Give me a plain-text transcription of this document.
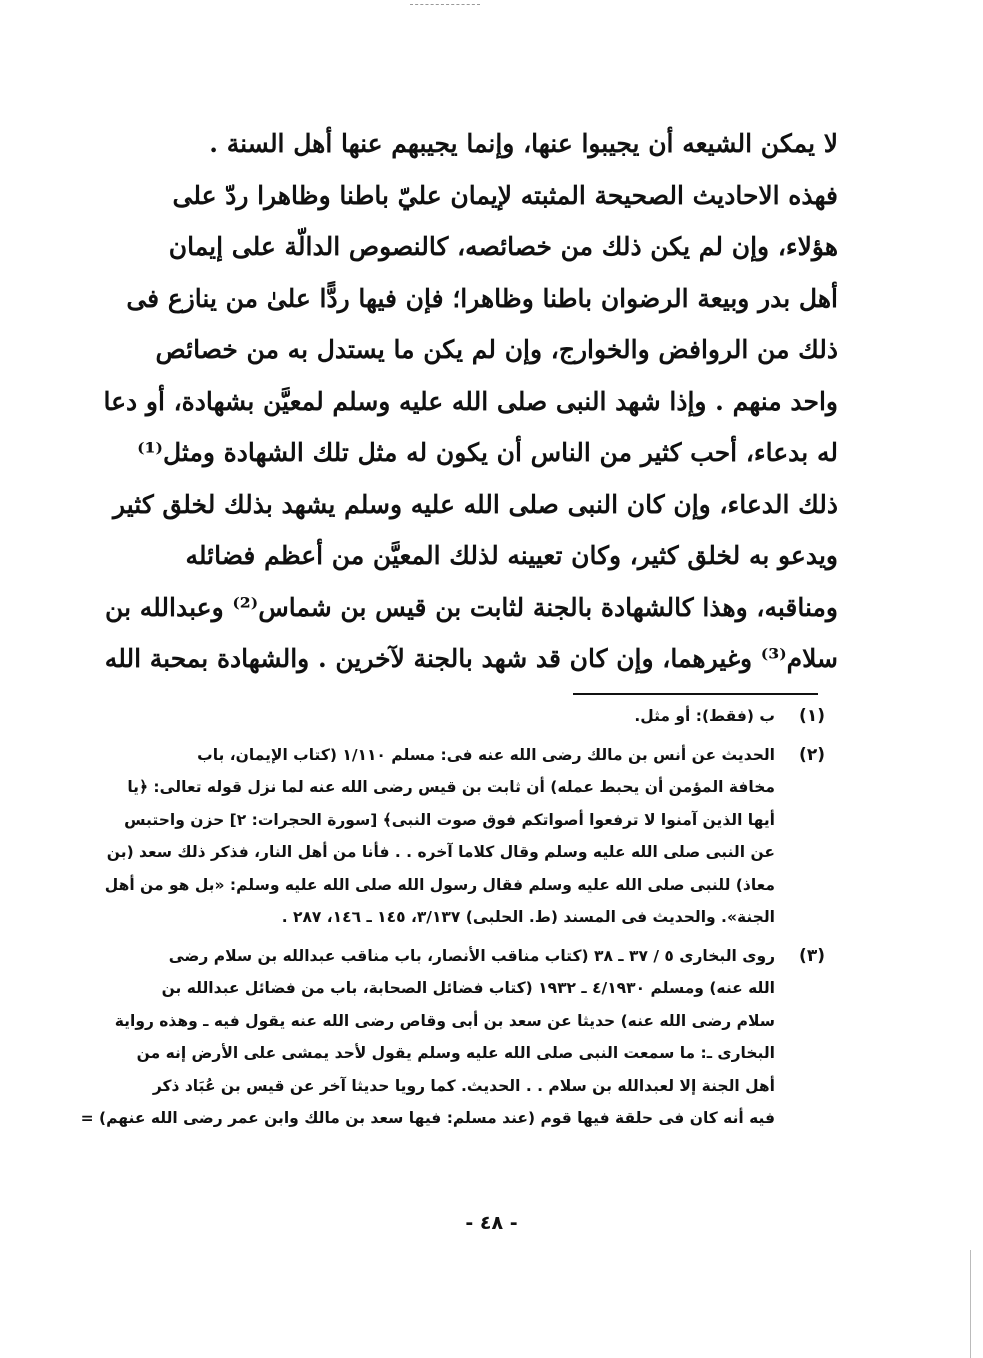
لا يمكن الشيعه أن يجيبوا عنها، وإنما يجيبهم عنها أهل السنة .
فهذه الاحاديث الصحيحة المثبته لإيمان عليّ باطنا وظاهرا ردّ على
هؤلاء، وإن لم يكن ذلك من خصائصه، كالنصوص الدالّة على إيمان
أهل بدر وبيعة الرضوان باطنا وظاهرا؛ فإن فيها ردًّا علىٰ من ينازع فى
ذلك من الروافض والخوارج، وإن لم يكن ما يستدل به من خصائص
واحد منهم . وإذا شهد النبى صلى الله عليه وسلم لمعيَّن بشهادة، أو دعا
له بدعاء، أحب كثير من الناس أن يكون له مثل تلك الشهادة ومثل⁽¹⁾
ذلك الدعاء، وإن كان النبى صلى الله عليه وسلم يشهد بذلك لخلق كثير
ويدعو به لخلق كثير، وكان تعيينه لذلك المعيَّن من أعظم فضائله
ومناقبه، وهذا كالشهادة بالجنة لثابت بن قيس بن شماس⁽²⁾ وعبدالله بن
سلام⁽³⁾ وغيرهما، وإن كان قد شهد بالجنة لآخرين . والشهادة بمحبة الله
(١)
ب (فقط): أو مثل.
(٢)
الحديث عن أنس بن مالك رضى الله عنه فى: مسلم ١/١١٠ (كتاب الإيمان، باب
مخافة المؤمن أن يحبط عمله) أن ثابت بن قيس رضى الله عنه لما نزل قوله تعالى: ﴿يا
أيها الذين آمنوا لا ترفعوا أصواتكم فوق صوت النبى﴾ [سورة الحجرات: ٢] حزن واحتبس
عن النبى صلى الله عليه وسلم وقال كلاما آخره . . فأنا من أهل النار، فذكر ذلك سعد (بن
معاذ) للنبى صلى الله عليه وسلم فقال رسول الله صلى الله عليه وسلم: «بل هو من أهل
الجنة». والحديث فى المسند (ط. الحلبى) ٣/١٣٧، ١٤٥ ـ ١٤٦، ٢٨٧ .
(٣)
روى البخارى ٥ / ٣٧ ـ ٣٨ (كتاب مناقب الأنصار، باب مناقب عبدالله بن سلام رضى
الله عنه) ومسلم ٤/١٩٣٠ ـ ١٩٣٢ (كتاب فضائل الصحابة، باب من فضائل عبدالله بن
سلام رضى الله عنه) حديثا عن سعد بن أبى وقاص رضى الله عنه يقول فيه ـ وهذه رواية
البخارى ـ: ما سمعت النبى صلى الله عليه وسلم يقول لأحد يمشى على الأرض إنه من
أهل الجنة إلا لعبدالله بن سلام . . الحديث. كما رويا حديثا آخر عن قيس بن عُبَاد ذكر
فيه أنه كان فى حلقة فيها قوم (عند مسلم: فيها سعد بن مالك وابن عمر رضى الله عنهم) =
- ٤٨ -
